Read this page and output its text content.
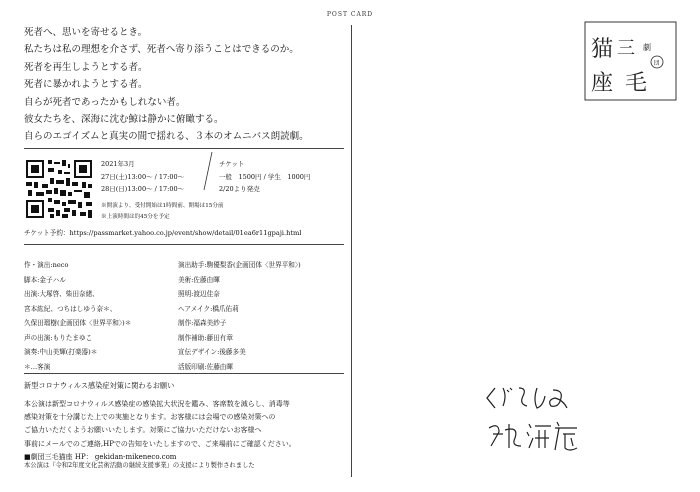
POST CARD
死者へ、思いを寄せるとき。
私たちは私の理想を介さず、死者へ寄り添うことはできるのか。
死者を再生しようとする者。
死者に暴かれようとする者。
自らが死者であったかもしれない者。
彼女たちを、深海に沈む鯨は静かに俯瞰する。
自らのエゴイズムと真実の間で揺れる、３本のオムニバス朗読劇。
2021年3月
27日(土)13:00〜 / 17:00〜
28日(日)13:00〜 / 17:00〜
チケット
一般　1500円 / 学生　1000円
2/20より発売
※開演より、受付開始は1時間前、開場は15分前
※上演時間は約45分を予定
チケット予約：https://passmarket.yahoo.co.jp/event/show/detail/01ea6r11gpaji.html
作・演出:neco
脚本:金子ハル
出演:大塚啓、柴田奈緒、
宮本紘紀、つちはしゆう奈＊、
久保田瑠樹(企画団体〈世界平和〉)＊
声の出演:もりたまゆこ
演奏:中山美輝(打楽器)＊
＊…客演
演出助手:駒優梨香(企画団体〈世界平和〉)
美術:佐藤由暉
照明:渡辺佳奈
ヘアメイク:橋爪佑莉
制作:福森美紗子
制作補助:藤田有章
宣伝デザイン:後藤多美
活版印刷:佐藤由暉
新型コロナウィルス感染症対策に関わるお願い
本公演は新型コロナウィルス感染症の感染拡大状況を鑑み、客席数を減らし、消毒等
感染対策を十分講じた上での実施となります。お客様には会場での感染対策への
ご協力いただくようお願いいたします。対策にご協力いただけないお客様へ
事前にメールでのご連絡,HPでの告知をいたしますので、ご来場前にご確認ください。
■劇団三毛猫座 HP： gekidan-mikeneco.com
本公演は『令和2年度文化芸術活動の継続支援事業』の支援により製作されました
猫 三 劇
団
座 毛
